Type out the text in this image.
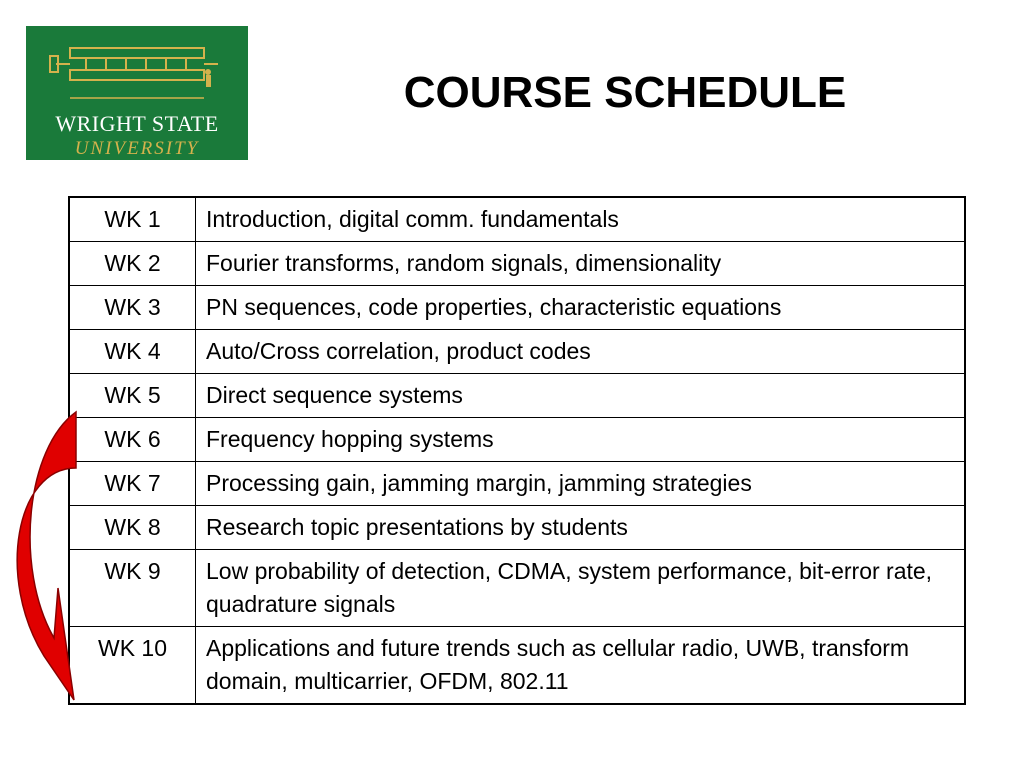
WRIGHT STATE
UNIVERSITY
COURSE SCHEDULE
WK 1	Introduction, digital comm. fundamentals
WK 2	Fourier transforms, random signals, dimensionality
WK 3	PN sequences, code properties, characteristic equations
WK 4	Auto/Cross correlation, product codes
WK 5	Direct sequence systems
WK 6	Frequency hopping systems
WK 7	Processing gain, jamming margin, jamming strategies
WK 8	Research topic presentations by students
WK 9	Low probability of detection, CDMA, system performance, bit-error rate, quadrature signals
WK 10	Applications and future trends such as cellular radio, UWB, transform domain, multicarrier, OFDM, 802.11
